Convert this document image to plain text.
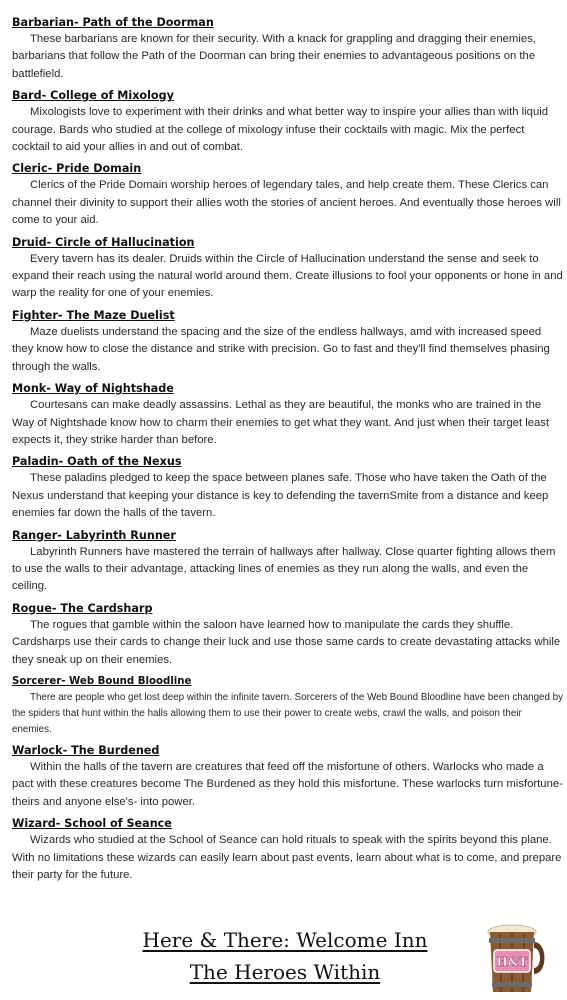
Barbarian- Path of the Doorman

These barbarians are known for their security. With a knack for grappling and dragging their enemies, barbarians that follow the Path of the Doorman can bring their enemies to advantageous positions on the battlefield.

Bard- College of Mixology

Mixologists love to experiment with their drinks and what better way to inspire your allies than with liquid courage. Bards who studied at the college of mixology infuse their cocktails with magic. Mix the perfect cocktail to aid your allies in and out of combat.

Cleric- Pride Domain

Clerics of the Pride Domain worship heroes of legendary tales, and help create them. These Clerics can channel their divinity to support their allies woth the stories of ancient heroes. And eventually those heroes will come to your aid.

Druid- Circle of Hallucination

Every tavern has its dealer. Druids within the Circle of Hallucination understand the sense and seek to expand their reach using the natural world around them. Create illusions to fool your opponents or hone in and warp the reality for one of your enemies.

Fighter- The Maze Duelist

Maze duelists understand the spacing and the size of the endless hallways, amd with increased speed they know how to close the distance and strike with precision. Go to fast and they'll find themselves phasing through the walls.

Monk- Way of Nightshade

Courtesans can make deadly assassins. Lethal as they are beautiful, the monks who are trained in the Way of Nightshade know how to charm their enemies to get what they want. And just when their target least expects it, they strike harder than before.

Paladin- Oath of the Nexus

These paladins pledged to keep the space between planes safe. Those who have taken the Oath of the Nexus understand that keeping your distance is key to defending the tavernSmite from a distance and keep enemies far down the halls of the tavern.

Ranger- Labyrinth Runner

Labyrinth Runners have mastered the terrain of hallways after hallway. Close quarter fighting allows them to use the walls to their advantage, attacking lines of enemies as they run along the walls, and even the ceiling.

Rogue- The Cardsharp

The rogues that gamble within the saloon have learned how to manipulate the cards they shuffle. Cardsharps use their cards to change their luck and use those same cards to create devastating attacks while they sneak up on their enemies.

Sorcerer- Web Bound Bloodline

There are people who get lost deep within the infinite tavern. Sorcerers of the Web Bound Bloodline have been changed by the spiders that hunt within the halls allowing them to use their power to create webs, crawl the walls, and poison their enemies.

Warlock- The Burdened

Within the halls of the tavern are creatures that feed off the misfortune of others. Warlocks who made a pact with these creatures become The Burdened as they hold this misfortune. These warlocks turn misfortune- theirs and anyone else's- into power.

Wizard- School of Seance

Wizards who studied at the School of Seance can hold rituals to speak with the spirits beyond this plane. With no limitations these wizards can easily learn about past events, learn about what is to come, and prepare their party for the future.

Here & There: Welcome Inn
The Heroes Within	H&T
